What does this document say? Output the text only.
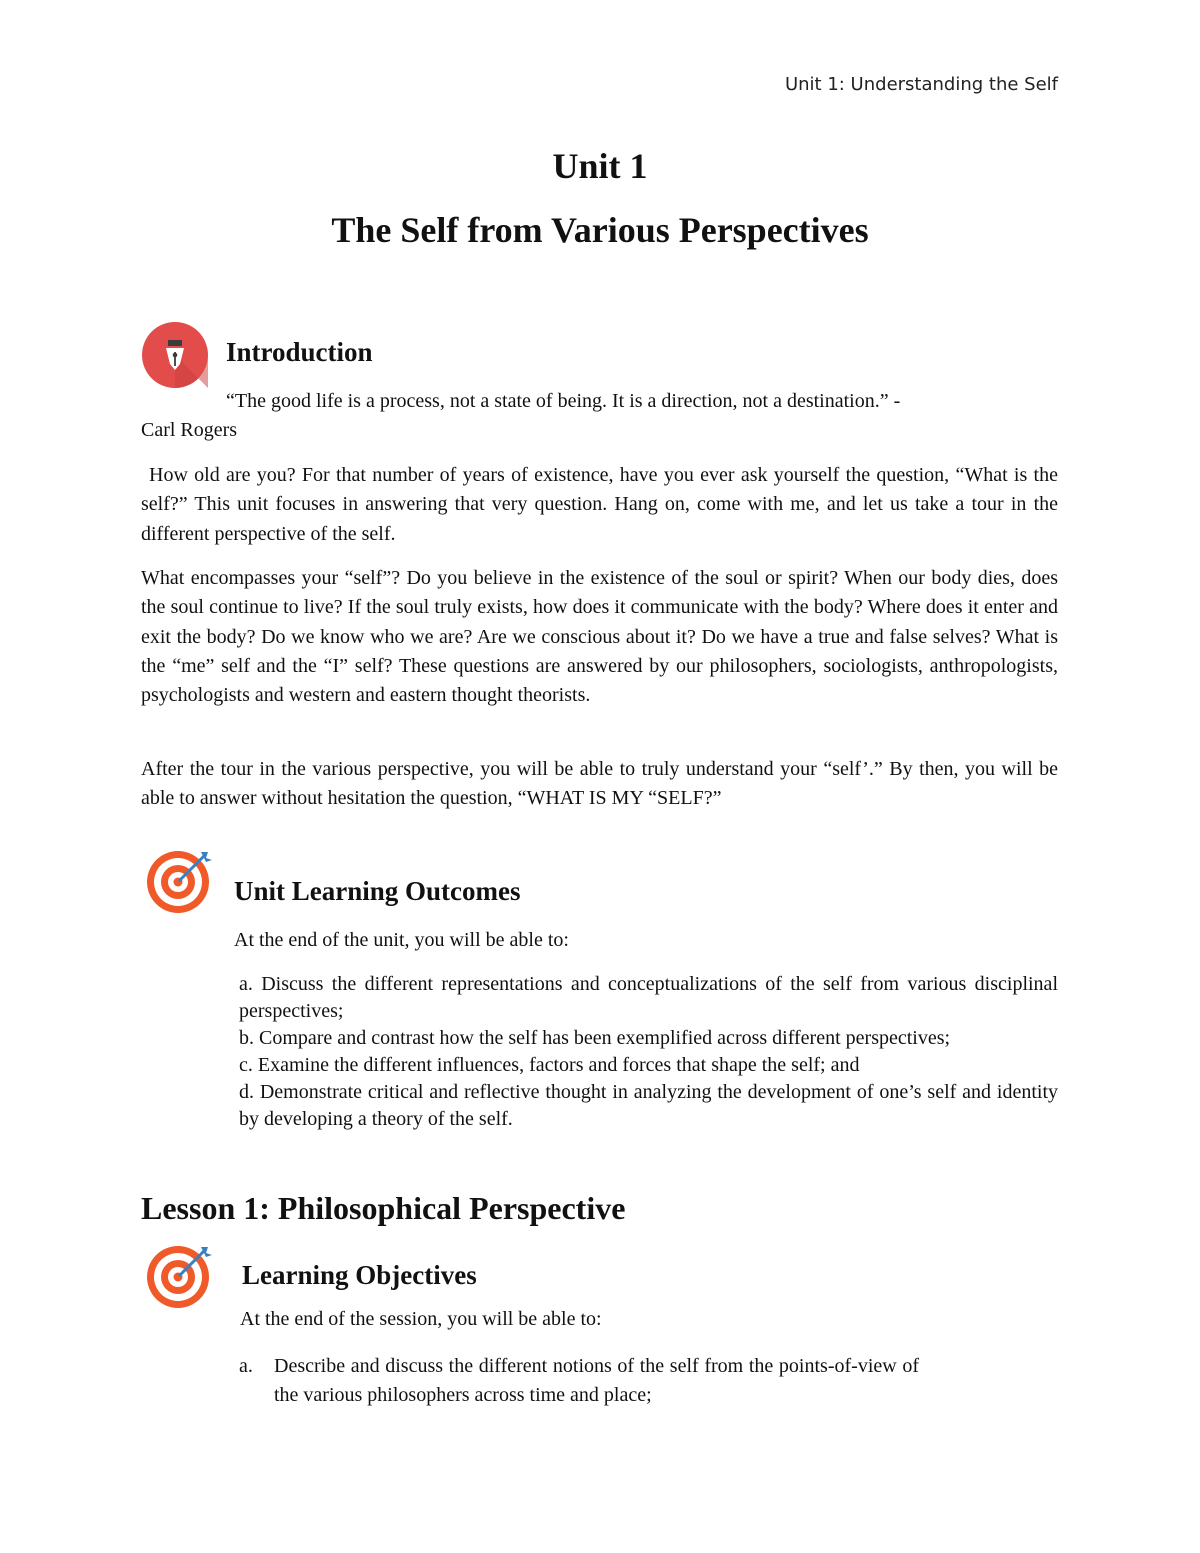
Unit 1: Understanding the Self
Unit 1
The Self from Various Perspectives
Introduction
“The good life is a process, not a state of being. It is a direction, not a destination.” -
Carl Rogers
How old are you? For that number of years of existence, have you ever ask yourself the question, “What is the self?” This unit focuses in answering that very question. Hang on, come with me, and let us take a tour in the different perspective of the self.
What encompasses your “self”? Do you believe in the existence of the soul or spirit? When our body dies, does the soul continue to live? If the soul truly exists, how does it communicate with the body? Where does it enter and exit the body? Do we know who we are? Are we conscious about it? Do we have a true and false selves? What is the “me” self and the “I” self? These questions are answered by our philosophers, sociologists, anthropologists, psychologists and western and eastern thought theorists.
After the tour in the various perspective, you will be able to truly understand your “self’.” By then, you will be able to answer without hesitation the question, “WHAT IS MY “SELF?”
Unit Learning Outcomes
At the end of the unit, you will be able to:
a. Discuss the different representations and conceptualizations of the self from various disciplinal perspectives;
b. Compare and contrast how the self has been exemplified across different perspectives;
c. Examine the different influences, factors and forces that shape the self; and
d. Demonstrate critical and reflective thought in analyzing the development of one’s self and identity by developing a theory of the self.
Lesson 1: Philosophical Perspective
Learning Objectives
At the end of the session, you will be able to:
a.	Describe and discuss the different notions of the self from the points-of-view of the various philosophers across time and place;
